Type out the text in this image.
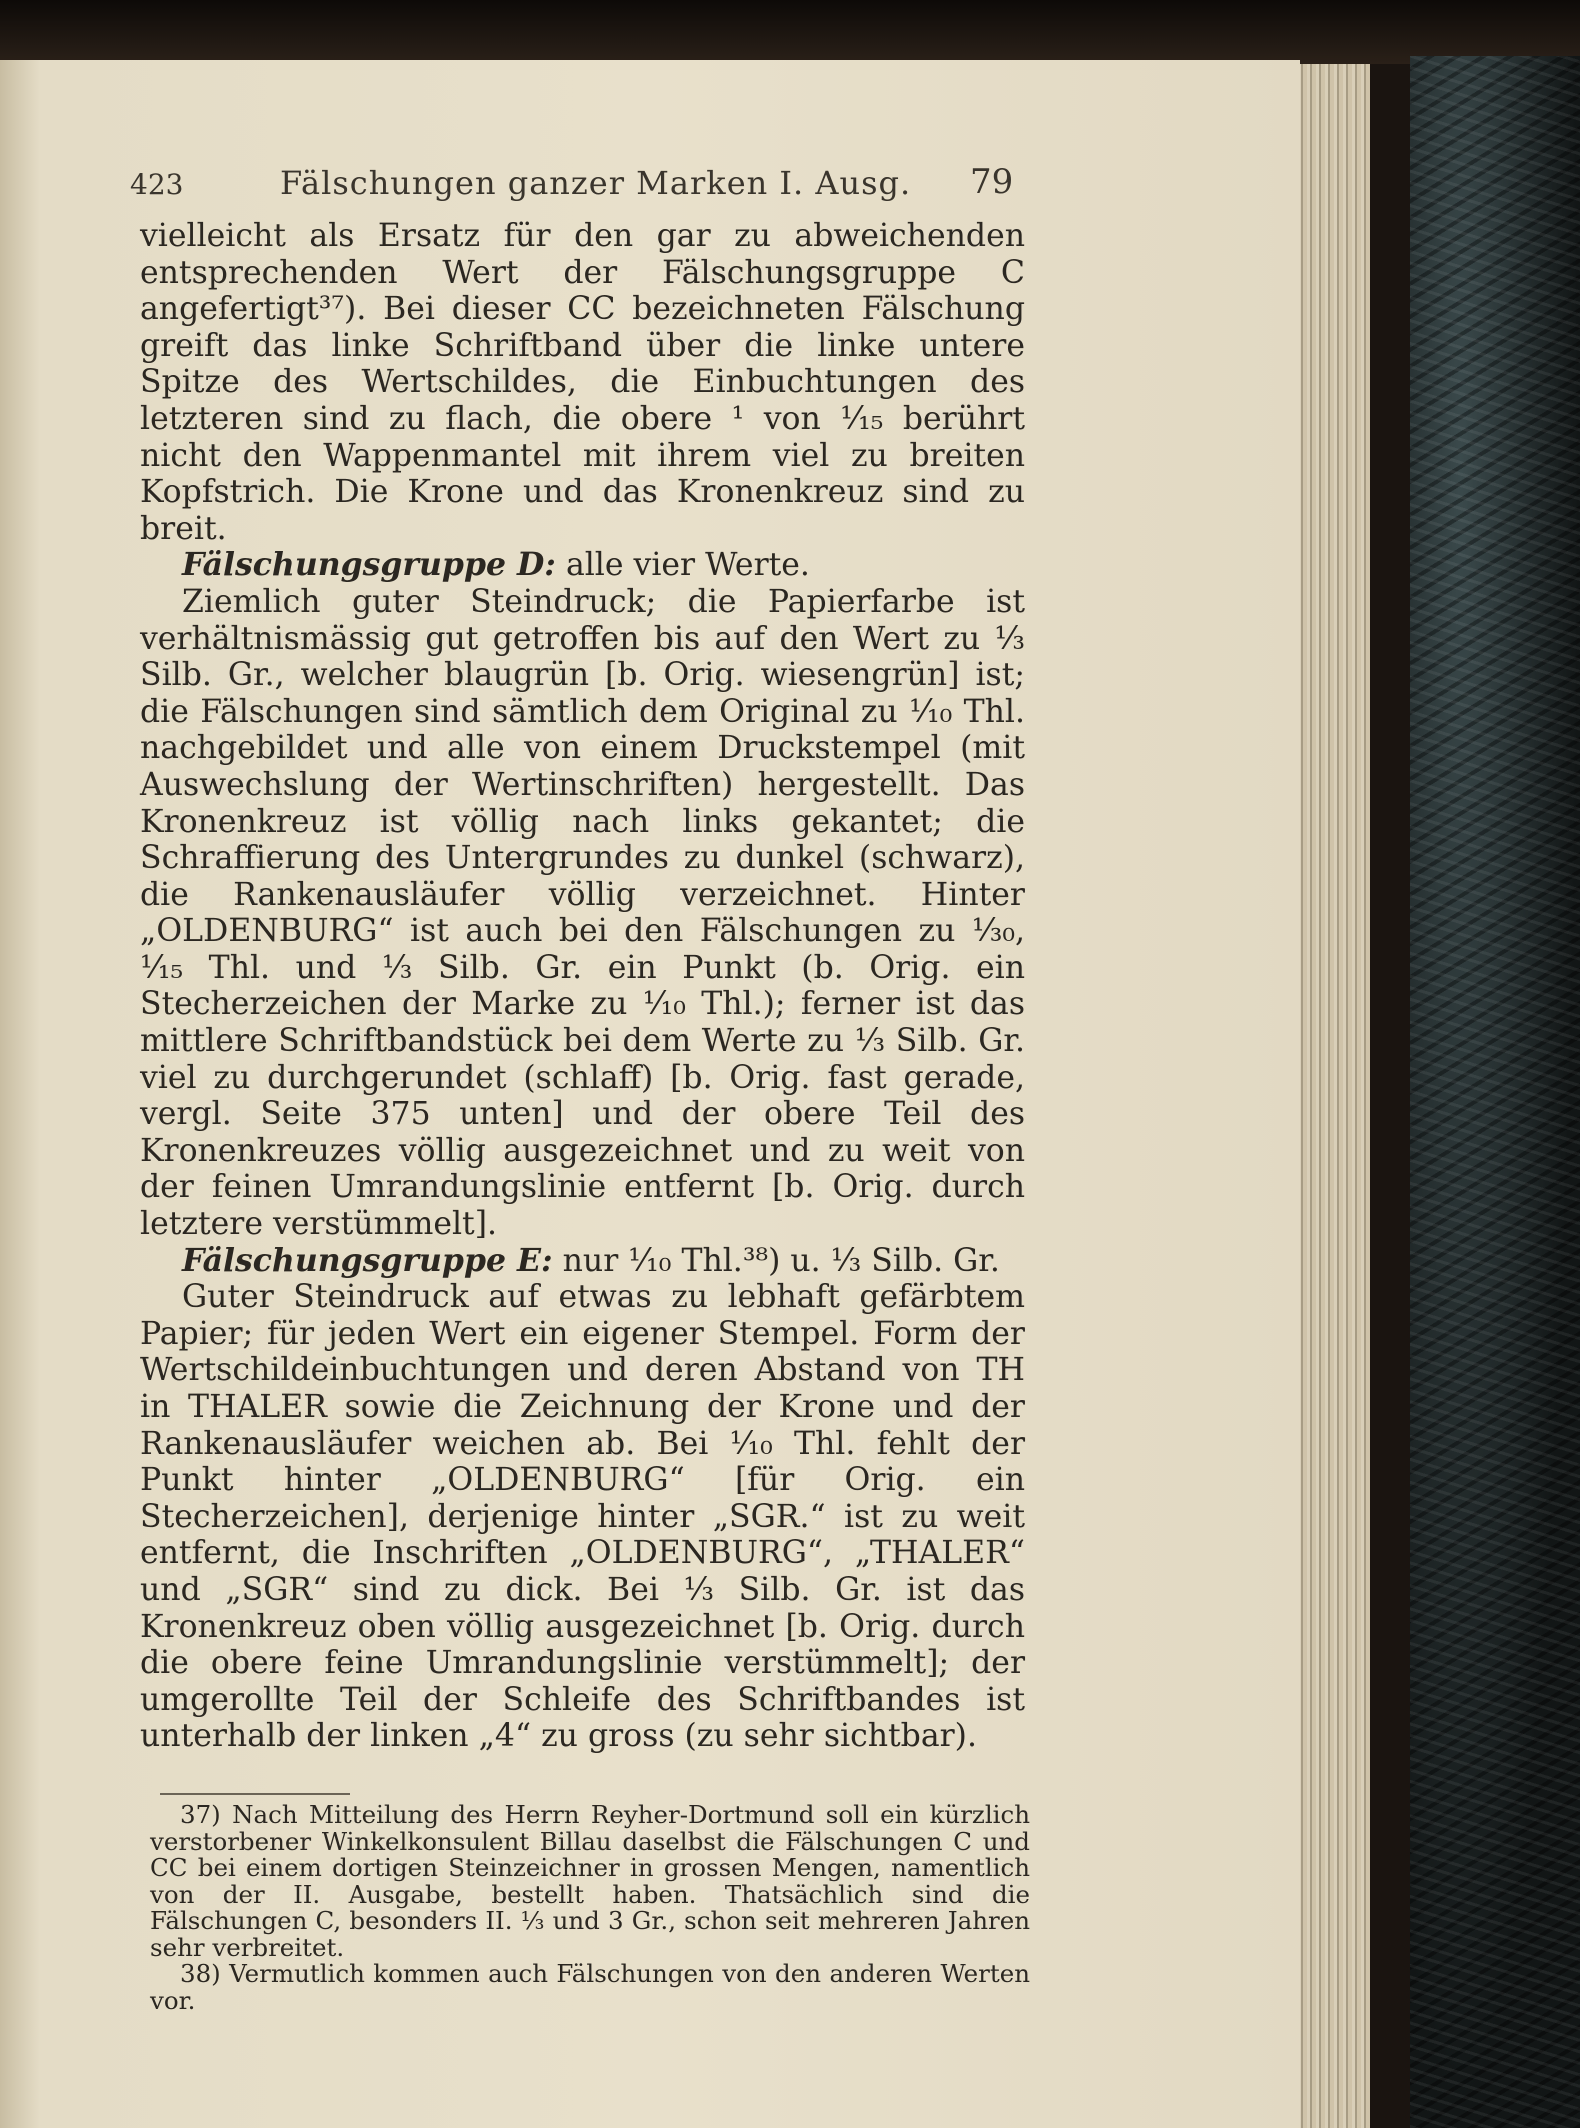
423	Fälschungen ganzer Marken I. Ausg. 79

vielleicht als Ersatz für den gar zu abweichenden entsprechenden Wert der Fälschungsgruppe C angefertigt³⁷). Bei dieser CC bezeichneten Fälschung greift das linke Schriftband über die linke untere Spitze des Wertschildes, die Einbuchtungen des letzteren sind zu flach, die obere ¹ von ¹⁄₁₅ berührt nicht den Wappenmantel mit ihrem viel zu breiten Kopfstrich. Die Krone und das Kronenkreuz sind zu breit.

Fälschungsgruppe D: alle vier Werte.

Ziemlich guter Steindruck; die Papierfarbe ist verhältnismässig gut getroffen bis auf den Wert zu ¹⁄₃ Silb. Gr., welcher blaugrün [b. Orig. wiesengrün] ist; die Fälschungen sind sämtlich dem Original zu ¹⁄₁₀ Thl. nachgebildet und alle von einem Druckstempel (mit Auswechslung der Wertinschriften) hergestellt. Das Kronenkreuz ist völlig nach links gekantet; die Schraffierung des Untergrundes zu dunkel (schwarz), die Rankenausläufer völlig verzeichnet. Hinter „OLDENBURG“ ist auch bei den Fälschungen zu ¹⁄₃₀, ¹⁄₁₅ Thl. und ¹⁄₃ Silb. Gr. ein Punkt (b. Orig. ein Stecherzeichen der Marke zu ¹⁄₁₀ Thl.); ferner ist das mittlere Schriftbandstück bei dem Werte zu ¹⁄₃ Silb. Gr. viel zu durchgerundet (schlaff) [b. Orig. fast gerade, vergl. Seite 375 unten] und der obere Teil des Kronenkreuzes völlig ausgezeichnet und zu weit von der feinen Umrandungslinie entfernt [b. Orig. durch letztere verstümmelt].

Fälschungsgruppe E: nur ¹⁄₁₀ Thl.³⁸) u. ¹⁄₃ Silb. Gr.

Guter Steindruck auf etwas zu lebhaft gefärbtem Papier; für jeden Wert ein eigener Stempel. Form der Wertschildeinbuchtungen und deren Abstand von TH in THALER sowie die Zeichnung der Krone und der Rankenausläufer weichen ab. Bei ¹⁄₁₀ Thl. fehlt der Punkt hinter „OLDENBURG“ [für Orig. ein Stecherzeichen], derjenige hinter „SGR.“ ist zu weit entfernt, die Inschriften „OLDENBURG“, „THALER“ und „SGR“ sind zu dick. Bei ¹⁄₃ Silb. Gr. ist das Kronenkreuz oben völlig ausgezeichnet [b. Orig. durch die obere feine Umrandungslinie verstümmelt]; der umgerollte Teil der Schleife des Schriftbandes ist unterhalb der linken „4“ zu gross (zu sehr sichtbar).

37) Nach Mitteilung des Herrn Reyher-Dortmund soll ein kürzlich verstorbener Winkelkonsulent Billau daselbst die Fälschungen C und CC bei einem dortigen Steinzeichner in grossen Mengen, namentlich von der II. Ausgabe, bestellt haben. Thatsächlich sind die Fälschungen C, besonders II. ¹⁄₃ und 3 Gr., schon seit mehreren Jahren sehr verbreitet.

38) Vermutlich kommen auch Fälschungen von den anderen Werten vor.
